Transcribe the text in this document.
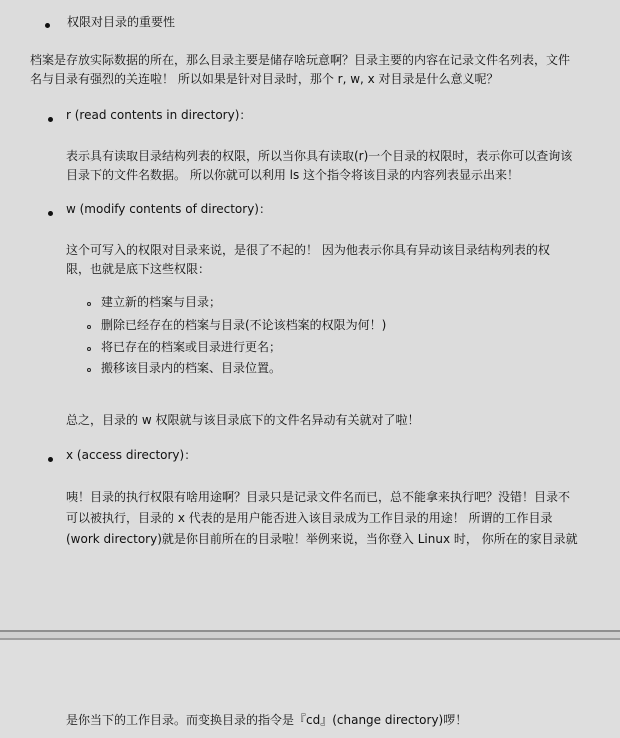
权限对目录的重要性
档案是存放实际数据的所在，那么目录主要是储存啥玩意啊？目录主要的内容在记录文件名列表，文件
名与目录有强烈的关连啦！ 所以如果是针对目录时，那个 r, w, x 对目录是什么意义呢？
r (read contents in directory)：
表示具有读取目录结构列表的权限，所以当你具有读取(r)一个目录的权限时，表示你可以查询该
目录下的文件名数据。 所以你就可以利用 ls 这个指令将该目录的内容列表显示出来！
w (modify contents of directory)：
这个可写入的权限对目录来说，是很了不起的！ 因为他表示你具有异动该目录结构列表的权
限，也就是底下这些权限：
建立新的档案与目录；
删除已经存在的档案与目录(不论该档案的权限为何！)
将已存在的档案或目录进行更名；
搬移该目录内的档案、目录位置。
总之，目录的 w 权限就与该目录底下的文件名异动有关就对了啦！
x (access directory)：
咦！目录的执行权限有啥用途啊？目录只是记录文件名而已，总不能拿来执行吧？没错！目录不
可以被执行，目录的 x 代表的是用户能否进入该目录成为工作目录的用途！ 所谓的工作目录
(work directory)就是你目前所在的目录啦！举例来说，当你登入 Linux 时， 你所在的家目录就
是你当下的工作目录。而变换目录的指令是『cd』(change directory)啰！
